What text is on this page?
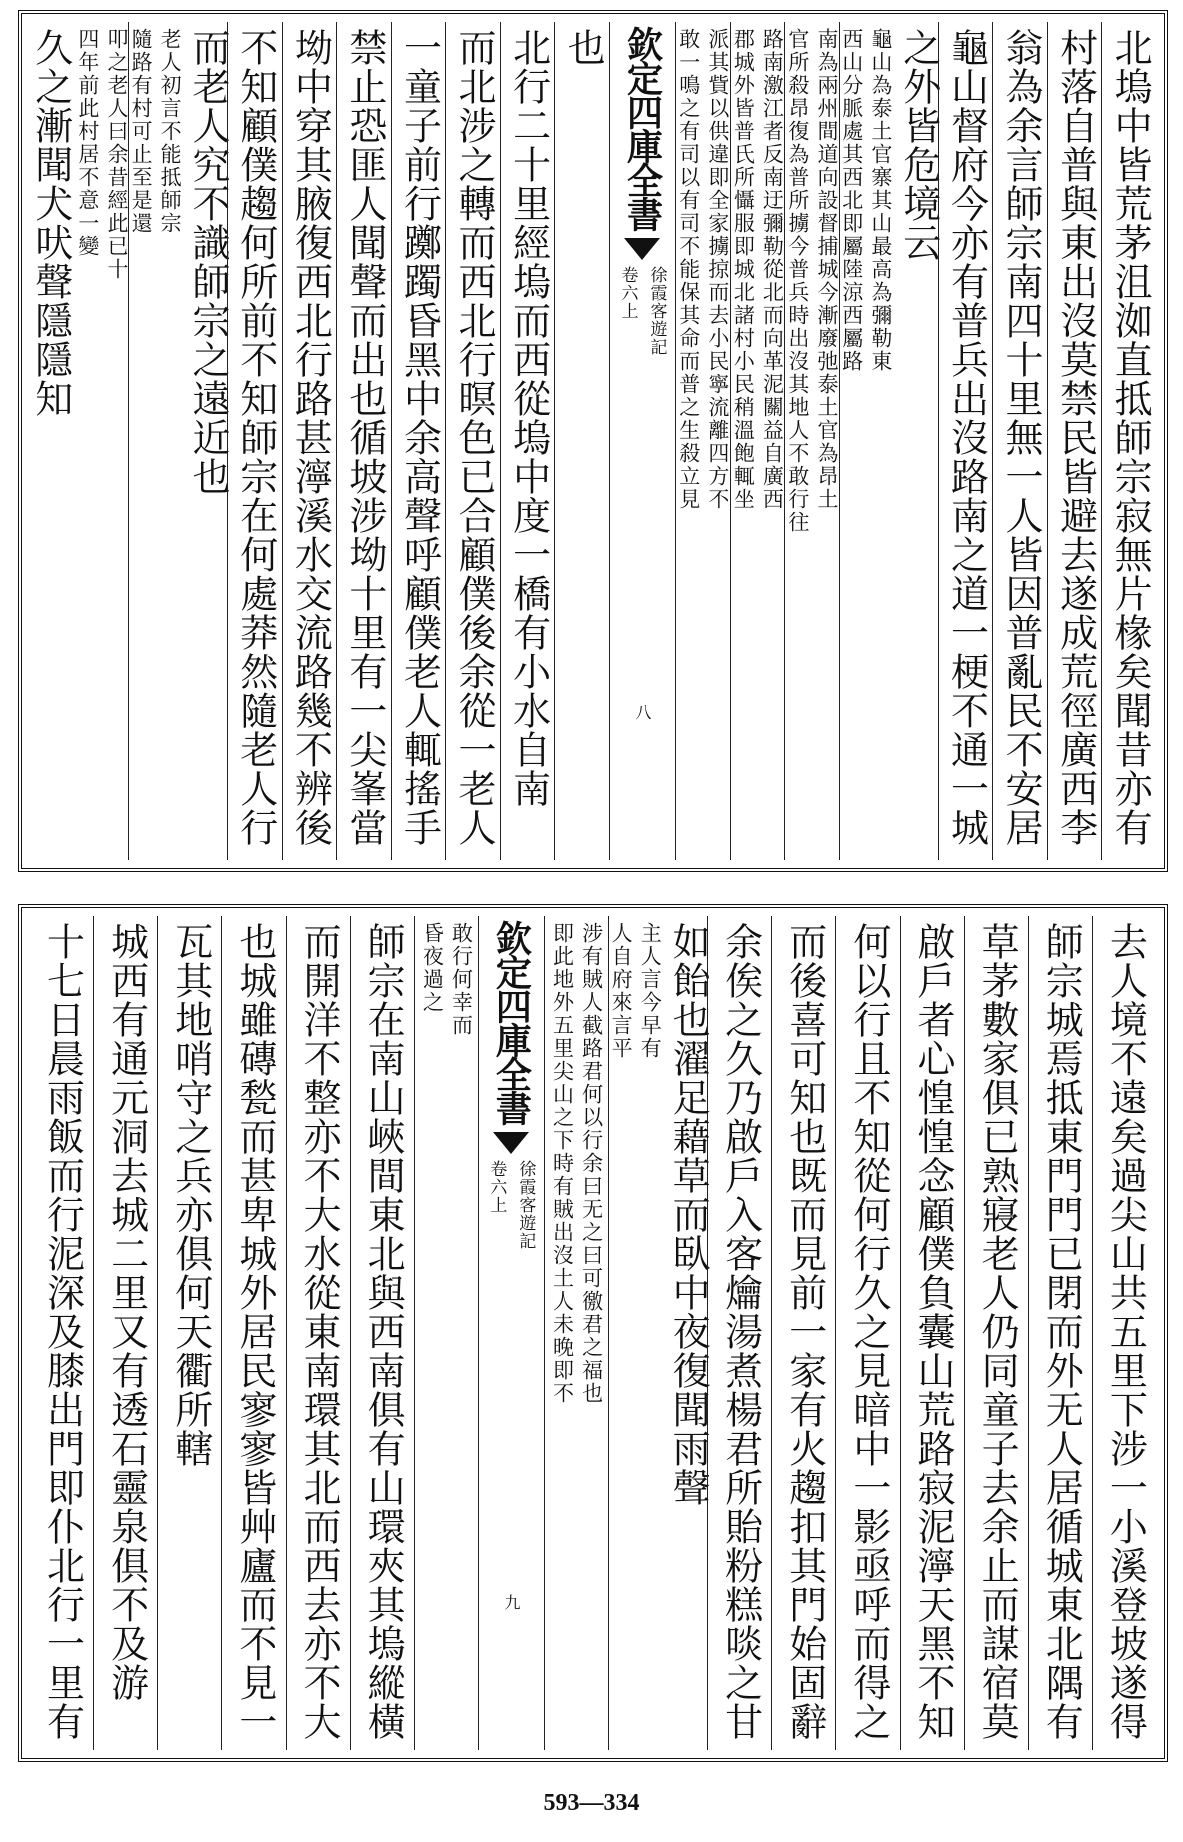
北塢中皆荒茅沮洳直抵師宗寂無片椽矣聞昔亦有
村落自普與東出沒莫禁民皆避去遂成荒徑廣西李
翁為余言師宗南四十里無一人皆因普亂民不安居
龜山督府今亦有普兵出沒路南之道一梗不通一城
之外皆危境云
龜山為泰土官寨其山最高為彌勒東
西山分脈處其西北即屬陸涼西屬路
南為兩州間道向設督捕城今漸廢弛泰土官為昂土
官所殺昂復為普所擄今普兵時出沒其地人不敢行往
路南激江者反南迂彌勒從北而向革泥關益自廣西
郡城外皆普氏所懾服即城北諸村小民稍溫飽輒坐
派其貲以供違即全家擄掠而去小民寧流離四方不
敢一鳴之有司以有司不能保其命而普之生殺立見
欽定四庫全書
徐霞客遊記
卷六上
八
也
北行二十里經塢而西從塢中度一橋有小水自南
而北涉之轉而西北行暝色已合顧僕後余從一老人
一童子前行躑躅昏黑中余高聲呼顧僕老人輒搖手
禁止恐匪人聞聲而出也循坡涉坳十里有一尖峯當
坳中穿其腋復西北行路甚濘溪水交流路幾不辨後
不知顧僕趨何所前不知師宗在何處莽然隨老人行
而老人究不識師宗之遠近也
老人初言不能抵師宗
隨路有村可止至是還
叩之老人曰余昔經此已十
四年前此村居不意一變
久之漸聞犬吠聲隱隱知
去人境不遠矣過尖山共五里下涉一小溪登坡遂得
師宗城焉抵東門門已閉而外无人居循城東北隅有
草茅數家俱已熟寢老人仍同童子去余止而謀宿莫
啟戶者心惶惶念顧僕負囊山荒路寂泥濘天黑不知
何以行且不知從何行久之見暗中一影亟呼而得之
而後喜可知也既而見前一家有火趨扣其門始固辭
余俟之久乃啟戶入客爚湯煮楊君所貽粉糕啖之甘
如飴也濯足藉草而臥中夜復聞雨聲
主人言今早有
人自府來言平
涉有賊人截路君何以行余曰无之曰可徼君之福也
即此地外五里尖山之下時有賊出沒土人未晚即不
欽定四庫全書
徐霞客遊記
卷六上
九
敢行何幸而
昏夜過之
師宗在南山峽間東北與西南俱有山環夾其塢縱橫
而開洋不整亦不大水從東南環其北而西去亦不大
也城雖磚甃而甚卑城外居民寥寥皆艸廬而不見一
瓦其地哨守之兵亦俱何天衢所轄
城西有通元洞去城二里又有透石靈泉俱不及游
十七日晨雨飯而行泥深及膝出門即仆北行一里有
593—334
